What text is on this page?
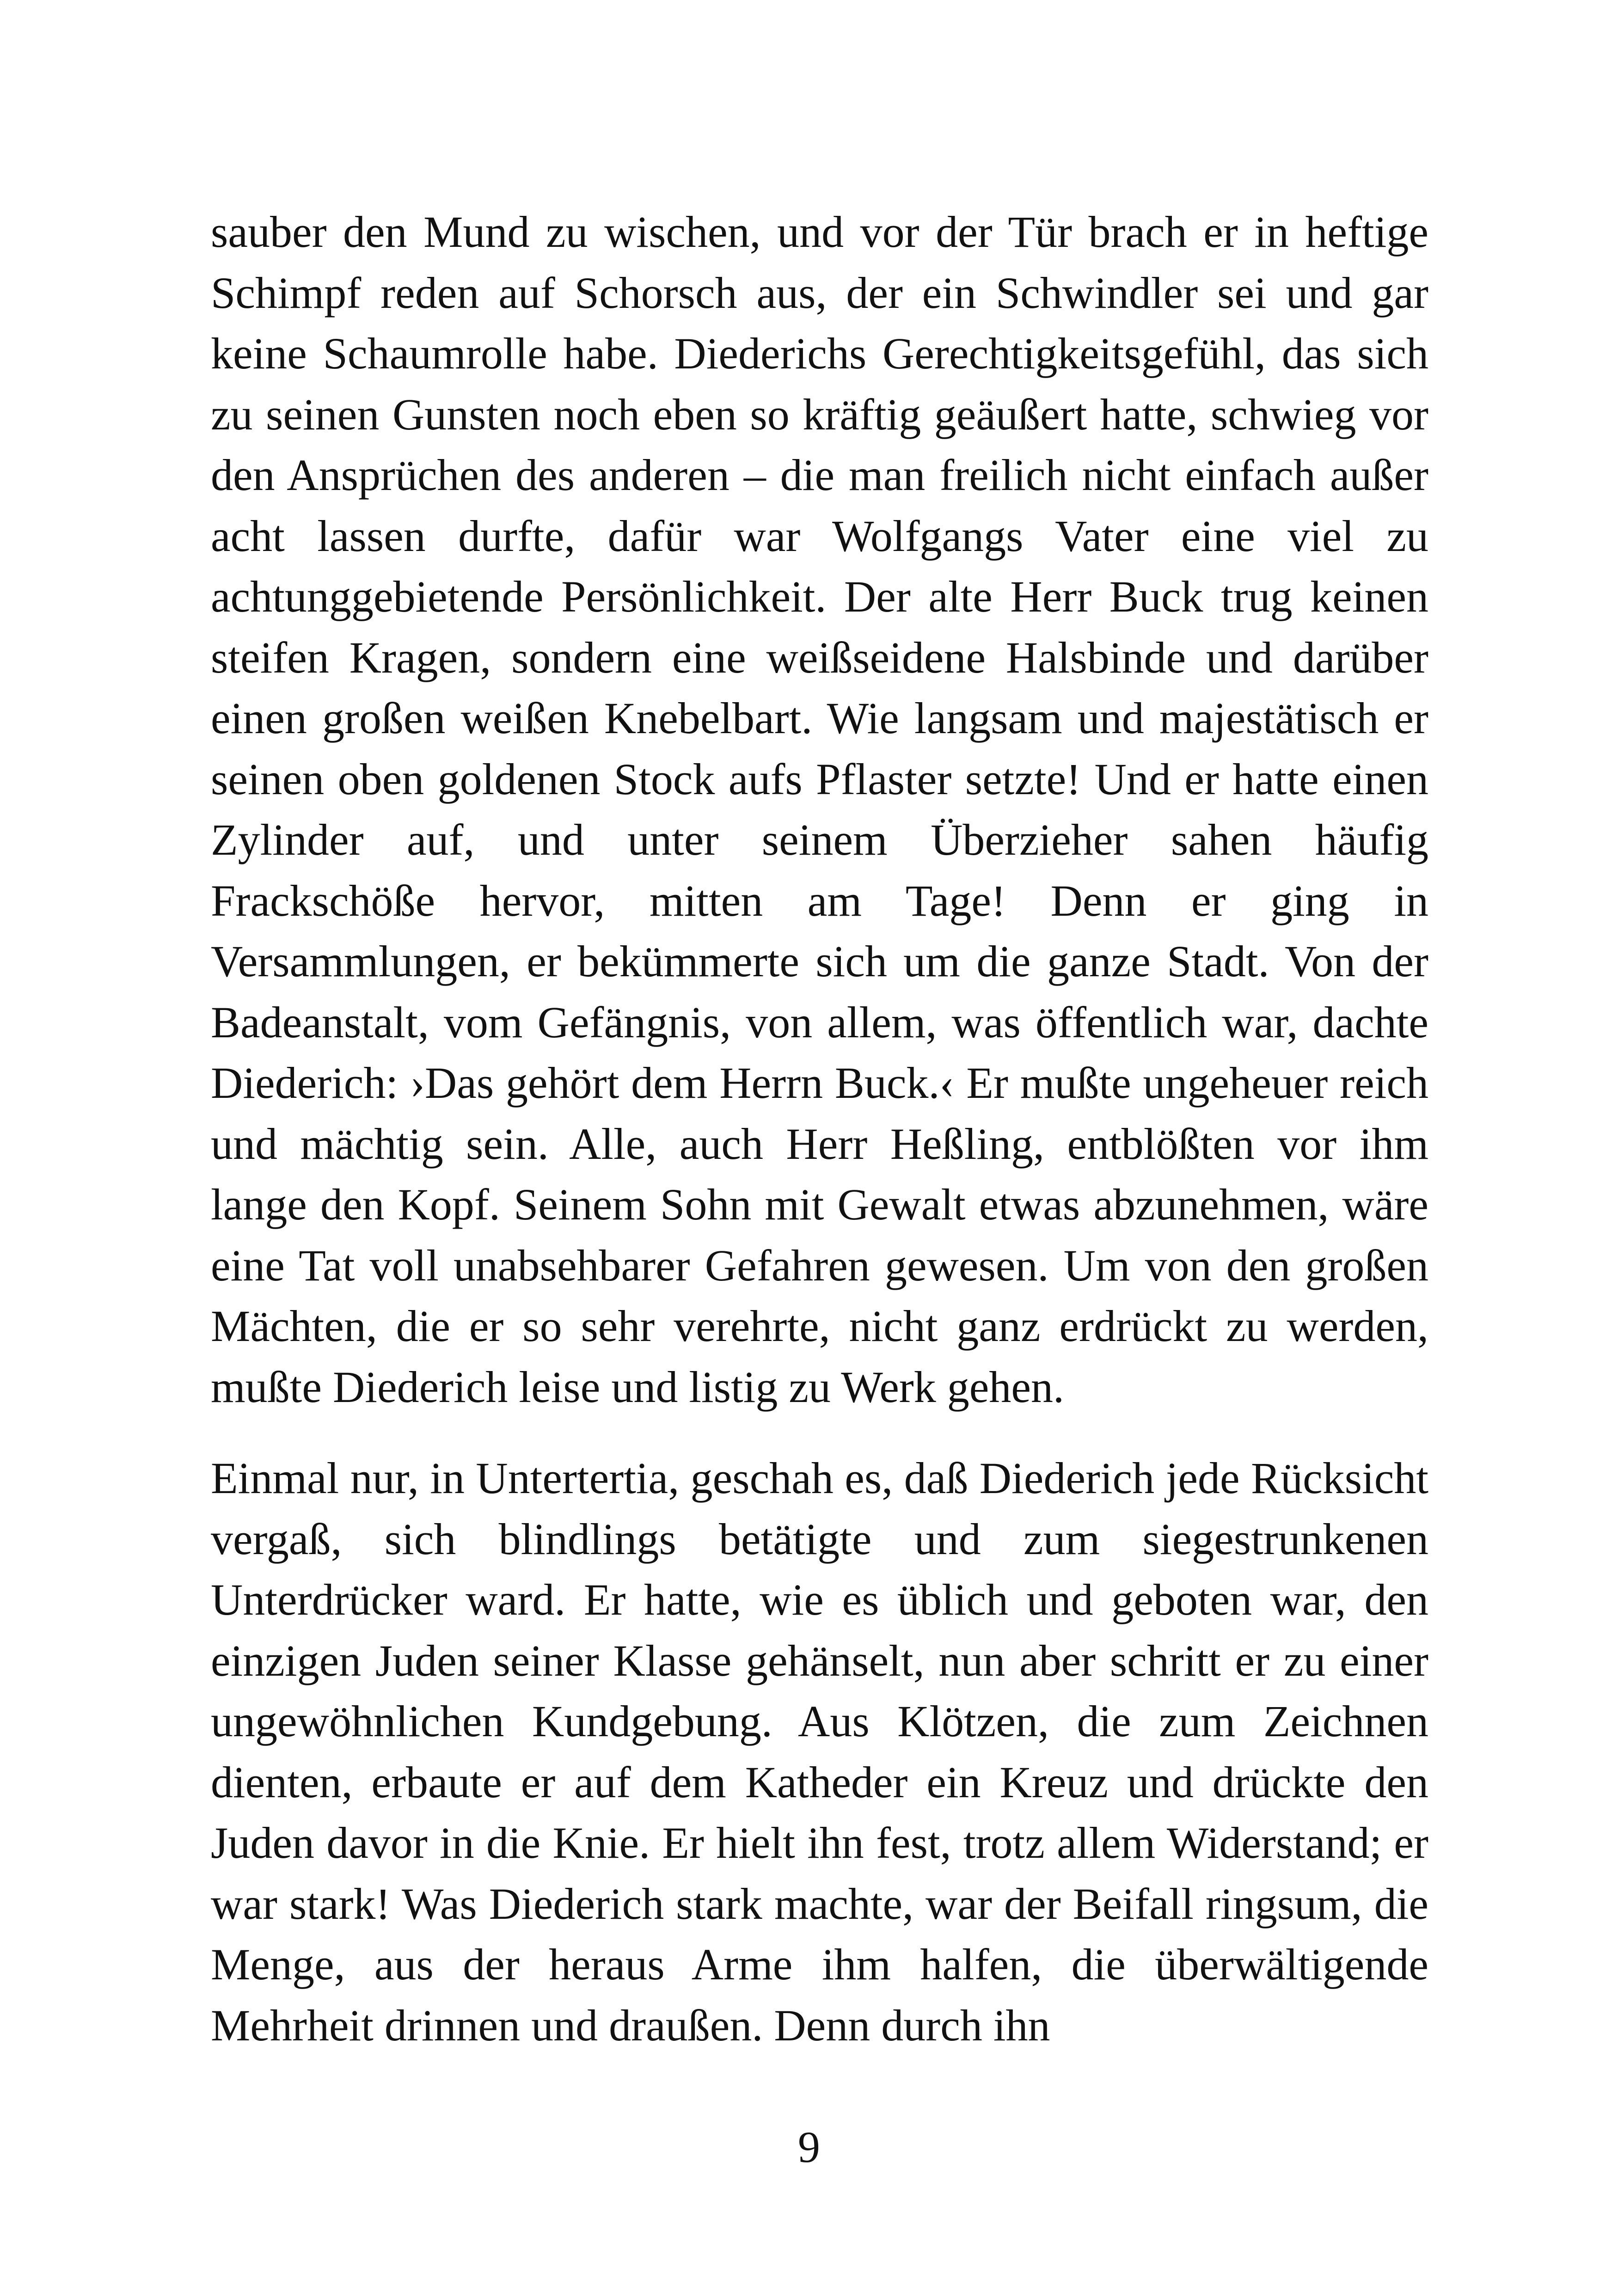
sauber den Mund zu wischen, und vor der Tür brach er in heftige Schimpf reden auf Schorsch aus, der ein Schwindler sei und gar keine Schaumrolle habe. Diederichs Gerechtigkeitsgefühl, das sich zu seinen Gunsten noch eben so kräftig geäußert hatte, schwieg vor den Ansprüchen des anderen – die man freilich nicht einfach außer acht lassen durfte, dafür war Wolfgangs Vater eine viel zu achtunggebietende Persönlichkeit. Der alte Herr Buck trug keinen steifen Kragen, sondern eine weißseidene Halsbinde und darüber einen großen weißen Knebelbart. Wie langsam und majestätisch er seinen oben goldenen Stock aufs Pflaster setzte! Und er hatte einen Zylinder auf, und unter seinem Überzieher sahen häufig Frackschöße hervor, mitten am Tage! Denn er ging in Versammlungen, er bekümmerte sich um die ganze Stadt. Von der Badeanstalt, vom Gefängnis, von allem, was öffentlich war, dachte Diederich: ›Das gehört dem Herrn Buck.‹ Er mußte ungeheuer reich und mächtig sein. Alle, auch Herr Heßling, entblößten vor ihm lange den Kopf. Seinem Sohn mit Gewalt etwas abzunehmen, wäre eine Tat voll unabsehbarer Gefahren gewesen. Um von den großen Mächten, die er so sehr verehrte, nicht ganz erdrückt zu werden, mußte Diederich leise und listig zu Werk gehen.

Einmal nur, in Untertertia, geschah es, daß Diederich jede Rücksicht vergaß, sich blindlings betätigte und zum siegestrunkenen Unterdrücker ward. Er hatte, wie es üblich und geboten war, den einzigen Juden seiner Klasse gehänselt, nun aber schritt er zu einer ungewöhnlichen Kundgebung. Aus Klötzen, die zum Zeichnen dienten, erbaute er auf dem Katheder ein Kreuz und drückte den Juden davor in die Knie. Er hielt ihn fest, trotz allem Widerstand; er war stark! Was Diederich stark machte, war der Beifall ringsum, die Menge, aus der heraus Arme ihm halfen, die überwältigende Mehrheit drinnen und draußen. Denn durch ihn

9
